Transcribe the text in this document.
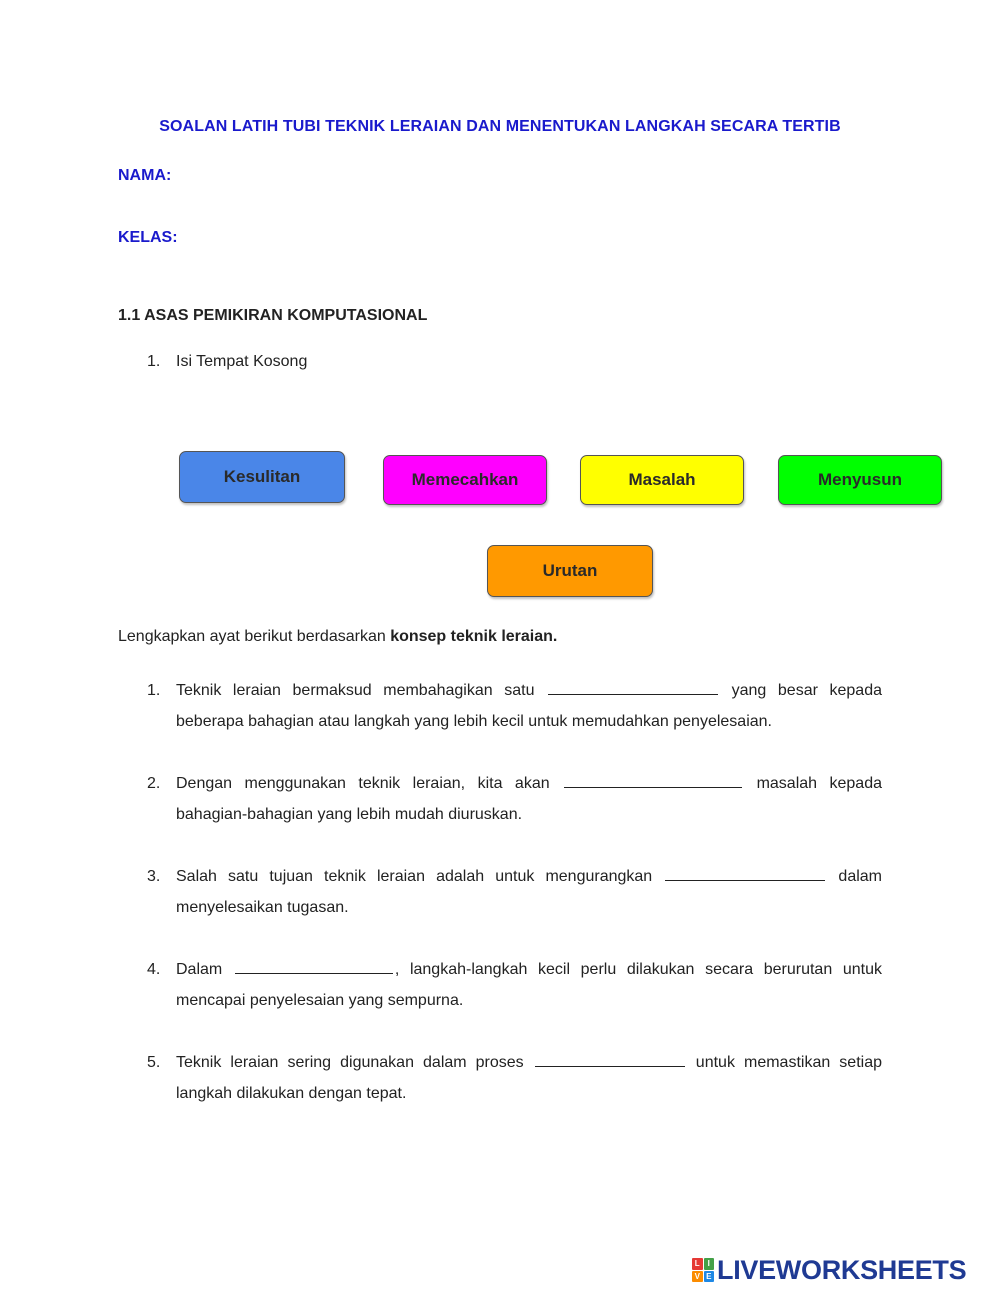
SOALAN LATIH TUBI TEKNIK LERAIAN DAN MENENTUKAN LANGKAH SECARA TERTIB
NAMA:
KELAS:
1.1 ASAS PEMIKIRAN KOMPUTASIONAL
1. Isi Tempat Kosong
Kesulitan	Memecahkan	Masalah	Menyusun
Urutan
Lengkapkan ayat berikut berdasarkan konsep teknik leraian.
1. Teknik leraian bermaksud membahagikan satu	yang besar kepada beberapa bahagian atau langkah yang lebih kecil untuk memudahkan penyelesaian.
2. Dengan menggunakan teknik leraian, kita akan	masalah kepada bahagian-bahagian yang lebih mudah diuruskan.
3. Salah satu tujuan teknik leraian adalah untuk mengurangkan	dalam menyelesaikan tugasan.
4. Dalam	, langkah-langkah kecil perlu dilakukan secara berurutan untuk mencapai penyelesaian yang sempurna.
5. Teknik leraian sering digunakan dalam proses	untuk memastikan setiap langkah dilakukan dengan tepat.
L I
V E LIVEWORKSHEETS
